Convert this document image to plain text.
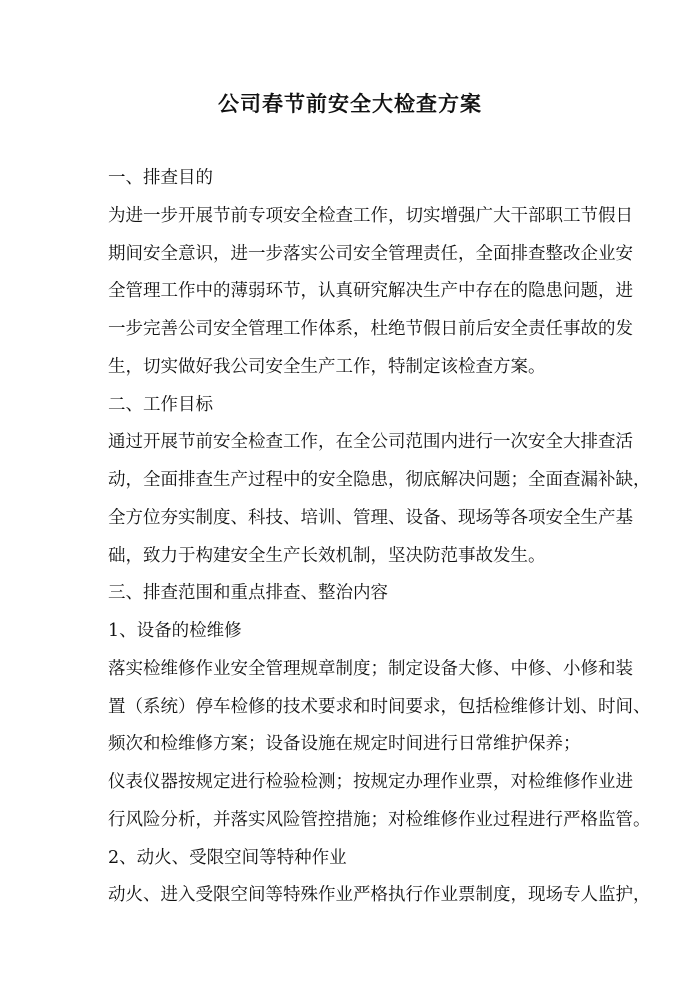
公司春节前安全大检查方案

一、排查目的

为进一步开展节前专项安全检查工作，切实增强广大干部职工节假日

期间安全意识，进一步落实公司安全管理责任，全面排查整改企业安

全管理工作中的薄弱环节，认真研究解决生产中存在的隐患问题，进

一步完善公司安全管理工作体系，杜绝节假日前后安全责任事故的发

生，切实做好我公司安全生产工作，特制定该检查方案。

二、工作目标

通过开展节前安全检查工作，在全公司范围内进行一次安全大排查活

动，全面排查生产过程中的安全隐患，彻底解决问题；全面查漏补缺，

全方位夯实制度、科技、培训、管理、设备、现场等各项安全生产基

础，致力于构建安全生产长效机制，坚决防范事故发生。

三、排查范围和重点排查、整治内容

1、设备的检维修

落实检维修作业安全管理规章制度；制定设备大修、中修、小修和装

置（系统）停车检修的技术要求和时间要求，包括检维修计划、时间、

频次和检维修方案；设备设施在规定时间进行日常维护保养；

仪表仪器按规定进行检验检测；按规定办理作业票，对检维修作业进

行风险分析，并落实风险管控措施；对检维修作业过程进行严格监管。

2、动火、受限空间等特种作业

动火、进入受限空间等特殊作业严格执行作业票制度，现场专人监护，
